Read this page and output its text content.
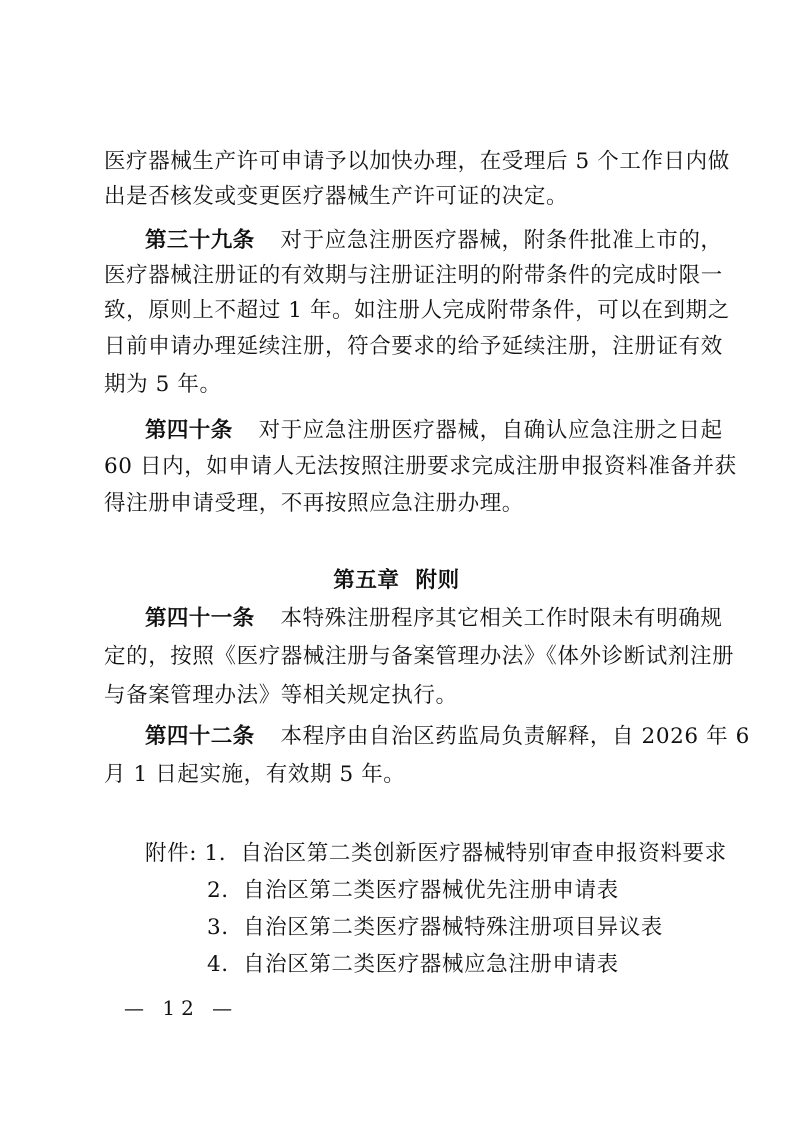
医疗器械生产许可申请予以加快办理，在受理后 5 个工作日内做
出是否核发或变更医疗器械生产许可证的决定。
第三十九条 对于应急注册医疗器械，附条件批准上市的，
医疗器械注册证的有效期与注册证注明的附带条件的完成时限一
致，原则上不超过 1 年。如注册人完成附带条件，可以在到期之
日前申请办理延续注册，符合要求的给予延续注册，注册证有效
期为 5 年。
第四十条 对于应急注册医疗器械，自确认应急注册之日起
60 日内，如申请人无法按照注册要求完成注册申报资料准备并获
得注册申请受理，不再按照应急注册办理。
第五章 附则
第四十一条 本特殊注册程序其它相关工作时限未有明确规
定的，按照《医疗器械注册与备案管理办法》《体外诊断试剂注册
与备案管理办法》等相关规定执行。
第四十二条 本程序由自治区药监局负责解释，自 2026 年 6
月 1 日起实施，有效期 5 年。
附件: 1. 自治区第二类创新医疗器械特别审查申报资料要求
2. 自治区第二类医疗器械优先注册申请表
3. 自治区第二类医疗器械特殊注册项目异议表
4. 自治区第二类医疗器械应急注册申请表
— 12 —
